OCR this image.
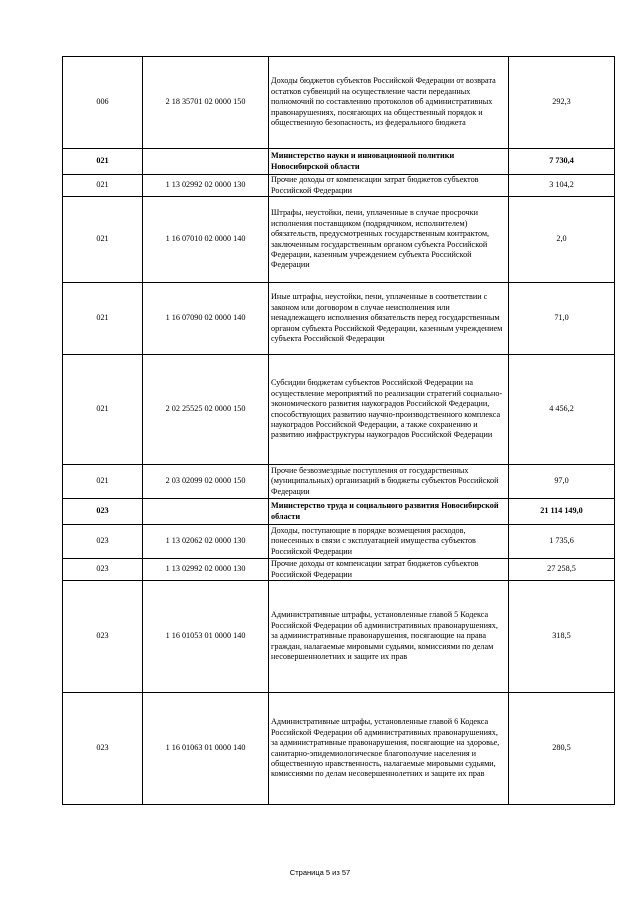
006	2 18 35701 02 0000 150	Доходы бюджетов субъектов Российской Федерации от возврата остатков субвенций на осуществление части переданных полномочий по составлению протоколов об административных правонарушениях, посягающих на общественный порядок и общественную безопасность, из федерального бюджета	292,3
021		Министерство науки и инновационной политики Новосибирской области	7 730,4
021	1 13 02992 02 0000 130	Прочие доходы от компенсации затрат бюджетов субъектов Российской Федерации	3 104,2
021	1 16 07010 02 0000 140	Штрафы, неустойки, пени, уплаченные в случае просрочки исполнения поставщиком (подрядчиком, исполнителем) обязательств, предусмотренных государственным контрактом, заключенным государственным органом субъекта Российской Федерации, казенным учреждением субъекта Российской Федерации	2,0
021	1 16 07090 02 0000 140	Иные штрафы, неустойки, пени, уплаченные в соответствии с законом или договором в случае неисполнения или ненадлежащего исполнения обязательств перед государственным органом субъекта Российской Федерации, казенным учреждением субъекта Российской Федерации	71,0
021	2 02 25525 02 0000 150	Субсидии бюджетам субъектов Российской Федерации на осуществление мероприятий по реализации стратегий социально-экономического развития наукоградов Российской Федерации, способствующих развитию научно-производственного комплекса наукоградов Российской Федерации, а также сохранению и развитию инфраструктуры наукоградов Российской Федерации	4 456,2
021	2 03 02099 02 0000 150	Прочие безвозмездные поступления от государственных (муниципальных) организаций в бюджеты субъектов Российской Федерации	97,0
023		Министерство труда и социального развития Новосибирской области	21 114 149,0
023	1 13 02062 02 0000 130	Доходы, поступающие в порядке возмещения расходов, понесенных в связи с эксплуатацией имущества субъектов Российской Федерации	1 735,6
023	1 13 02992 02 0000 130	Прочие доходы от компенсации затрат бюджетов субъектов Российской Федерации	27 258,5
023	1 16 01053 01 0000 140	Административные штрафы, установленные главой 5 Кодекса Российской Федерации об административных правонарушениях, за административные правонарушения, посягающие на права граждан, налагаемые мировыми судьями, комиссиями по делам несовершеннолетних и защите их прав	318,5
023	1 16 01063 01 0000 140	Административные штрафы, установленные главой 6 Кодекса Российской Федерации об административных правонарушениях, за административные правонарушения, посягающие на здоровье, санитарно-эпидемиологическое благополучие населения и общественную нравственность, налагаемые мировыми судьями, комиссиями по делам несовершеннолетних и защите их прав	280,5
Страница 5 из 57
